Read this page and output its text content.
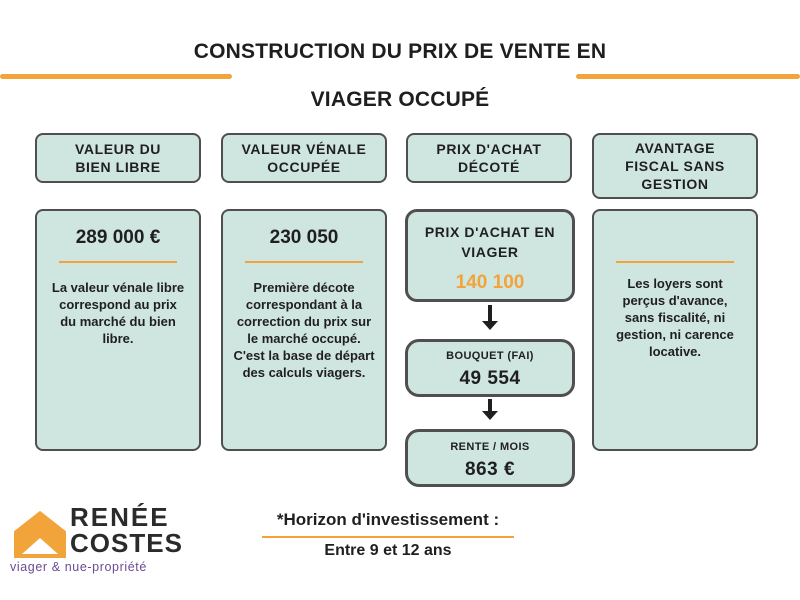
CONSTRUCTION DU PRIX DE VENTE EN
VIAGER OCCUPÉ
VALEUR DU BIEN LIBRE
VALEUR VÉNALE OCCUPÉE
PRIX D'ACHAT DÉCOTÉ
AVANTAGE FISCAL SANS GESTION
289 000 €
La valeur vénale libre correspond au prix du marché du bien libre.
230 050
Première décote correspondant à la correction du prix sur le marché occupé. C'est la base de départ des calculs viagers.
PRIX D'ACHAT EN VIAGER
140 100
BOUQUET (FAI)
49 554
RENTE / MOIS
863 €
Les loyers sont perçus d'avance, sans fiscalité, ni gestion, ni carence locative.
*Horizon d'investissement :
Entre 9 et 12 ans
RENÉE
COSTES
viager & nue-propriété
